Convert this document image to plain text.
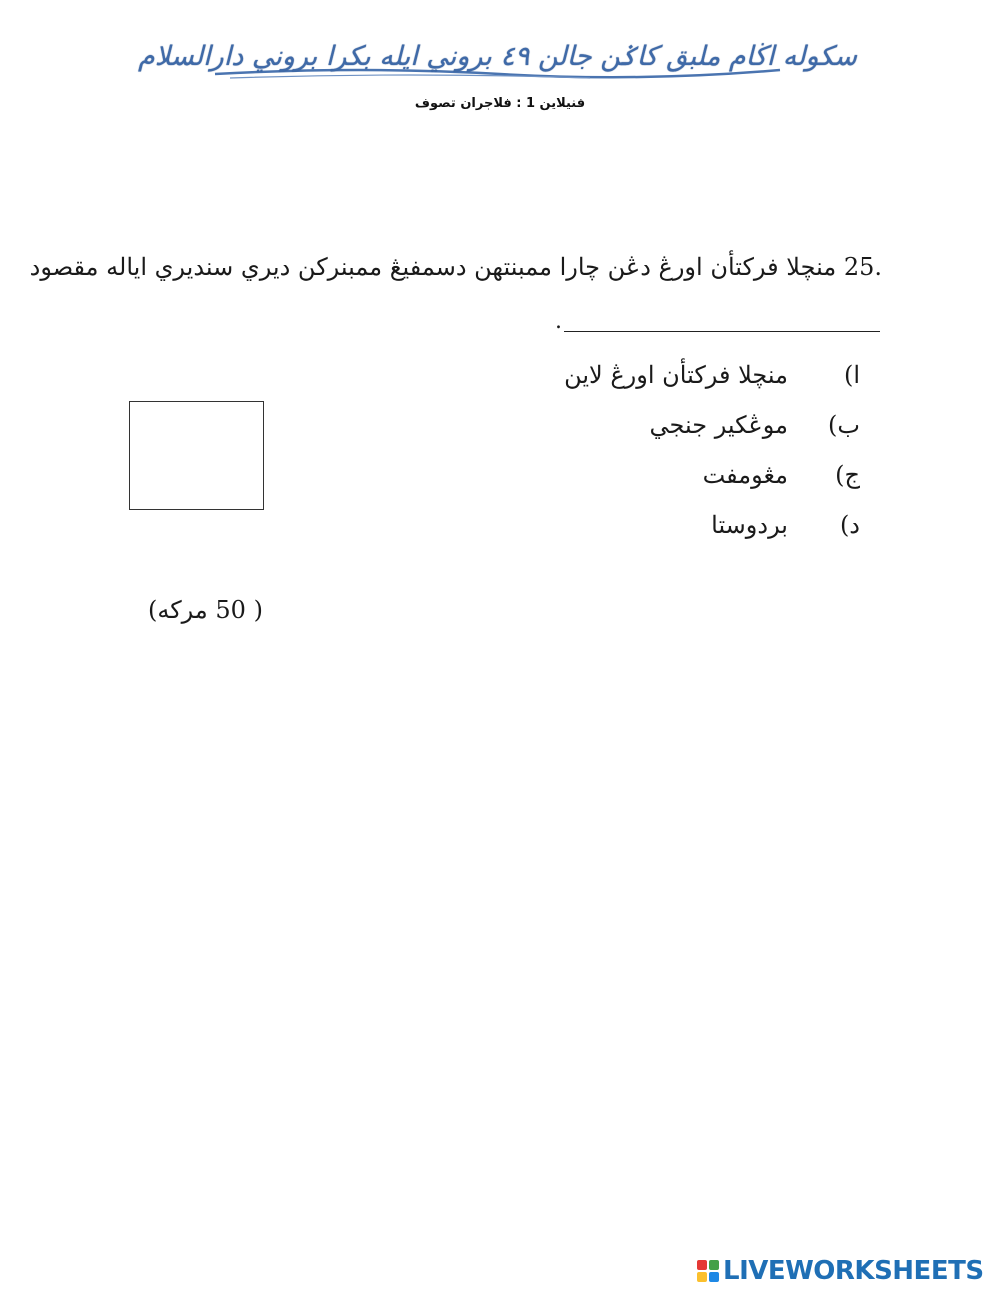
سکوله اڬام ملبق کاݢن جالن ٤٩ بروني ايله بکرا بروني دارالسلام
فنيلاين 1 : فلاجران تصوف
25. منچلا فرکتأن اورڠ دڠن چارا ممبنتهن دسمفيڠ ممبنرکن ديري سنديري اياله مقصود
.
ا)
منچلا فرکتأن اورڠ لاين
ب)
موڠکير جنجي
ج)
مڠومفت
د)
بردوستا
( 50 مرکه)
LIVEWORKSHEETS
